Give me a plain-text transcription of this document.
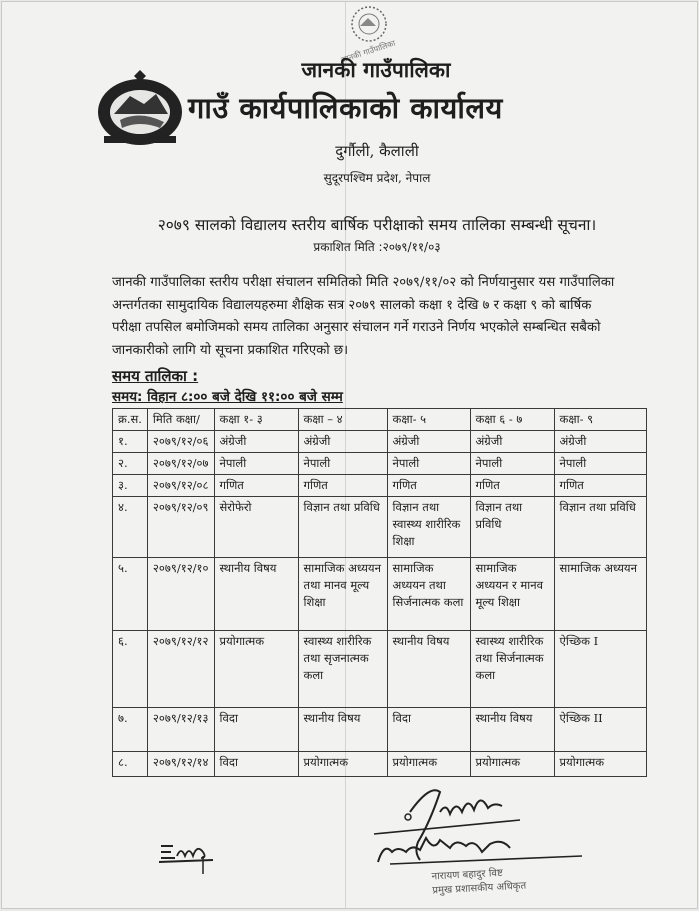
जानकी गाउँपालिका
जानकी गाउँपालिका
गाउँ कार्यपालिकाको कार्यालय
दुर्गौली, कैलाली
सुदूरपश्चिम प्रदेश, नेपाल
२०७९ सालको विद्यालय स्तरीय बार्षिक परीक्षाको समय तालिका सम्बन्धी सूचना।
प्रकाशित मिति :२०७९/११/०३
जानकी गाउँपालिका स्तरीय परीक्षा संचालन समितिको मिति २०७९/११/०२ को निर्णयानुसार यस गाउँपालिका
अन्तर्गतका सामुदायिक विद्यालयहरुमा शैक्षिक सत्र २०७९ सालको कक्षा १ देखि ७ र कक्षा ९ को बार्षिक
परीक्षा तपसिल बमोजिमको समय तालिका अनुसार संचालन गर्ने गराउने निर्णय भएकोले सम्बन्धित सबैको
जानकारीको लागि यो सूचना प्रकाशित गरिएको छ।
समय तालिका :
समय: विहान ८:०० बजे देखि ११:०० बजे सम्म
क्र.स.	मिति कक्षा/	कक्षा १- ३	कक्षा – ४	कक्षा- ५	कक्षा ६ - ७	कक्षा- ९
१.	२०७९/१२/०६	अंग्रेजी	अंग्रेजी	अंग्रेजी	अंग्रेजी	अंग्रेजी
२.	२०७९/१२/०७	नेपाली	नेपाली	नेपाली	नेपाली	नेपाली
३.	२०७९/१२/०८	गणित	गणित	गणित	गणित	गणित
४.	२०७९/१२/०९	सेरोफेरो	विज्ञान तथा प्रविधि	विज्ञान तथा स्वास्थ्य शारीरिक शिक्षा	विज्ञान तथा प्रविधि	विज्ञान तथा प्रविधि
५.	२०७९/१२/१०	स्थानीय विषय	सामाजिक अध्ययन तथा मानव मूल्य शिक्षा	सामाजिक अध्ययन तथा सिर्जनात्मक कला	सामाजिक अध्ययन र मानव मूल्य शिक्षा	सामाजिक अध्ययन
६.	२०७९/१२/१२	प्रयोगात्मक	स्वास्थ्य शारीरिक तथा सृजनात्मक कला	स्थानीय विषय	स्वास्थ्य शारीरिक तथा सिर्जनात्मक कला	ऐच्छिक I
७.	२०७९/१२/१३	विदा	स्थानीय विषय	विदा	स्थानीय विषय	ऐच्छिक II
८.	२०७९/१२/१४	विदा	प्रयोगात्मक	प्रयोगात्मक	प्रयोगात्मक	प्रयोगात्मक
नारायण बहादुर विष्ट
प्रमुख प्रशासकीय अधिकृत
